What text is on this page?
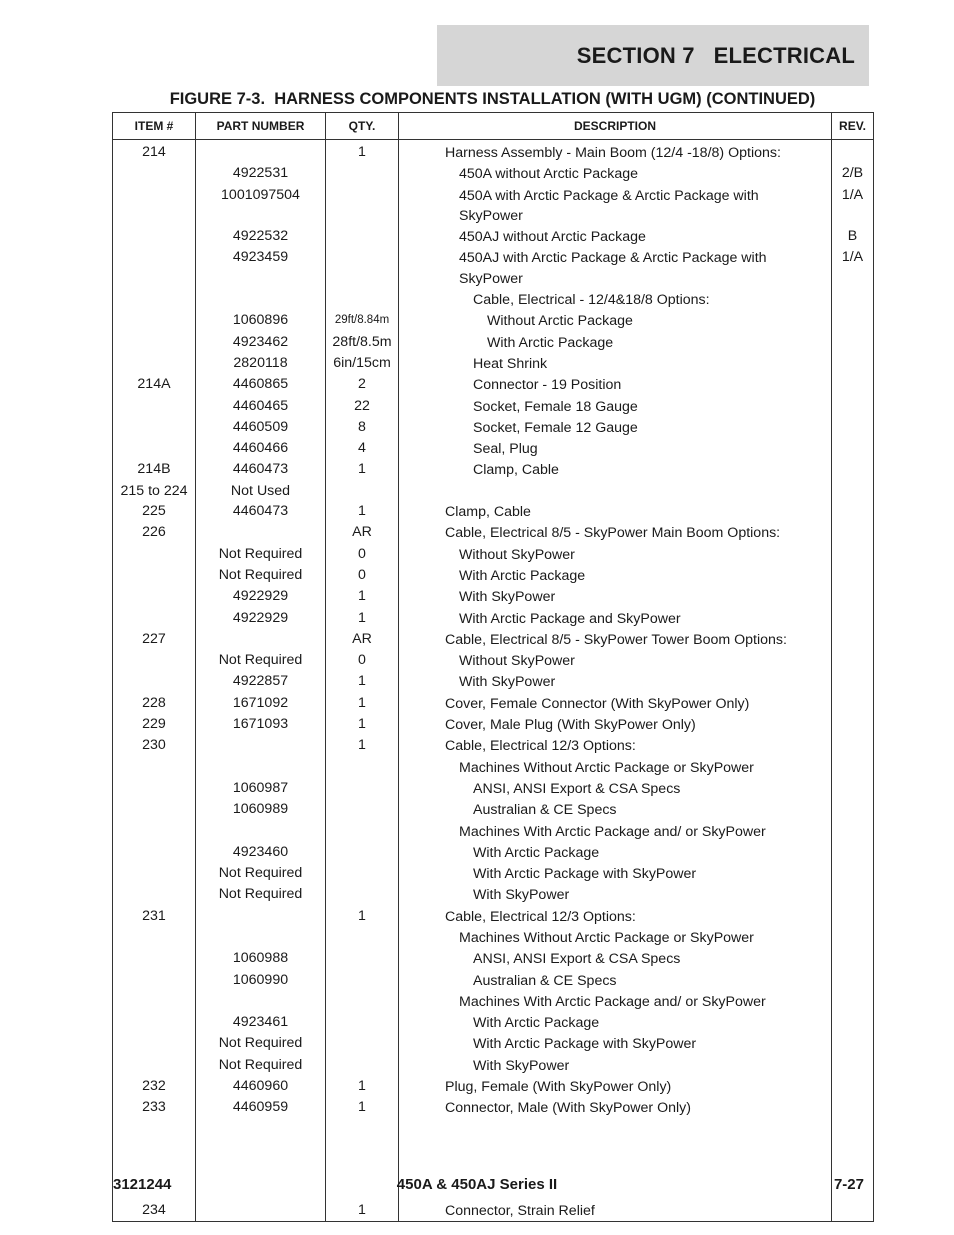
SECTION 7   ELECTRICAL
FIGURE 7-3.  HARNESS COMPONENTS INSTALLATION (WITH UGM) (CONTINUED)
ITEM #	PART NUMBER	QTY.	DESCRIPTION	REV.
214		1	Harness Assembly - Main Boom (12/4 -18/8) Options:	
	4922531		450A without Arctic Package	2/B
	1001097504		450A with Arctic Package & Arctic Package with SkyPower	1/A
	4922532		450AJ without Arctic Package	B
	4923459		450AJ with Arctic Package & Arctic Package with SkyPower	1/A
			Cable, Electrical - 12/4&18/8 Options:	
	1060896	29ft/8.84m	Without Arctic Package	
	4923462	28ft/8.5m	With Arctic Package	
	2820118	6in/15cm	Heat Shrink	
214A	4460865	2	Connector - 19 Position	
	4460465	22	Socket, Female 18 Gauge	
	4460509	8	Socket, Female 12 Gauge	
	4460466	4	Seal, Plug	
214B	4460473	1	Clamp, Cable	
215 to 224	Not Used			
225	4460473	1	Clamp, Cable	
226		AR	Cable, Electrical 8/5 - SkyPower Main Boom Options:	
	Not Required	0	Without SkyPower	
	Not Required	0	With Arctic Package	
	4922929	1	With SkyPower	
	4922929	1	With Arctic Package and SkyPower	
227		AR	Cable, Electrical 8/5 - SkyPower Tower Boom Options:	
	Not Required	0	Without SkyPower	
	4922857	1	With SkyPower	
228	1671092	1	Cover, Female Connector (With SkyPower Only)	
229	1671093	1	Cover, Male Plug (With SkyPower Only)	
230		1	Cable, Electrical 12/3 Options:	
			Machines Without Arctic Package or SkyPower	
	1060987		ANSI, ANSI Export & CSA Specs	
	1060989		Australian & CE Specs	
			Machines With Arctic Package and/ or SkyPower	
	4923460		With Arctic Package	
	Not Required		With Arctic Package with SkyPower	
	Not Required		With SkyPower	
231		1	Cable, Electrical 12/3 Options:	
			Machines Without Arctic Package or SkyPower	
	1060988		ANSI, ANSI Export & CSA Specs	
	1060990		Australian & CE Specs	
			Machines With Arctic Package and/ or SkyPower	
	4923461		With Arctic Package	
	Not Required		With Arctic Package with SkyPower	
	Not Required		With SkyPower	
232	4460960	1	Plug, Female (With SkyPower Only)	
233	4460959	1	Connector, Male (With SkyPower Only)	

234		1	Connector, Strain Relief	
3121244	450A & 450AJ Series II	7-27
